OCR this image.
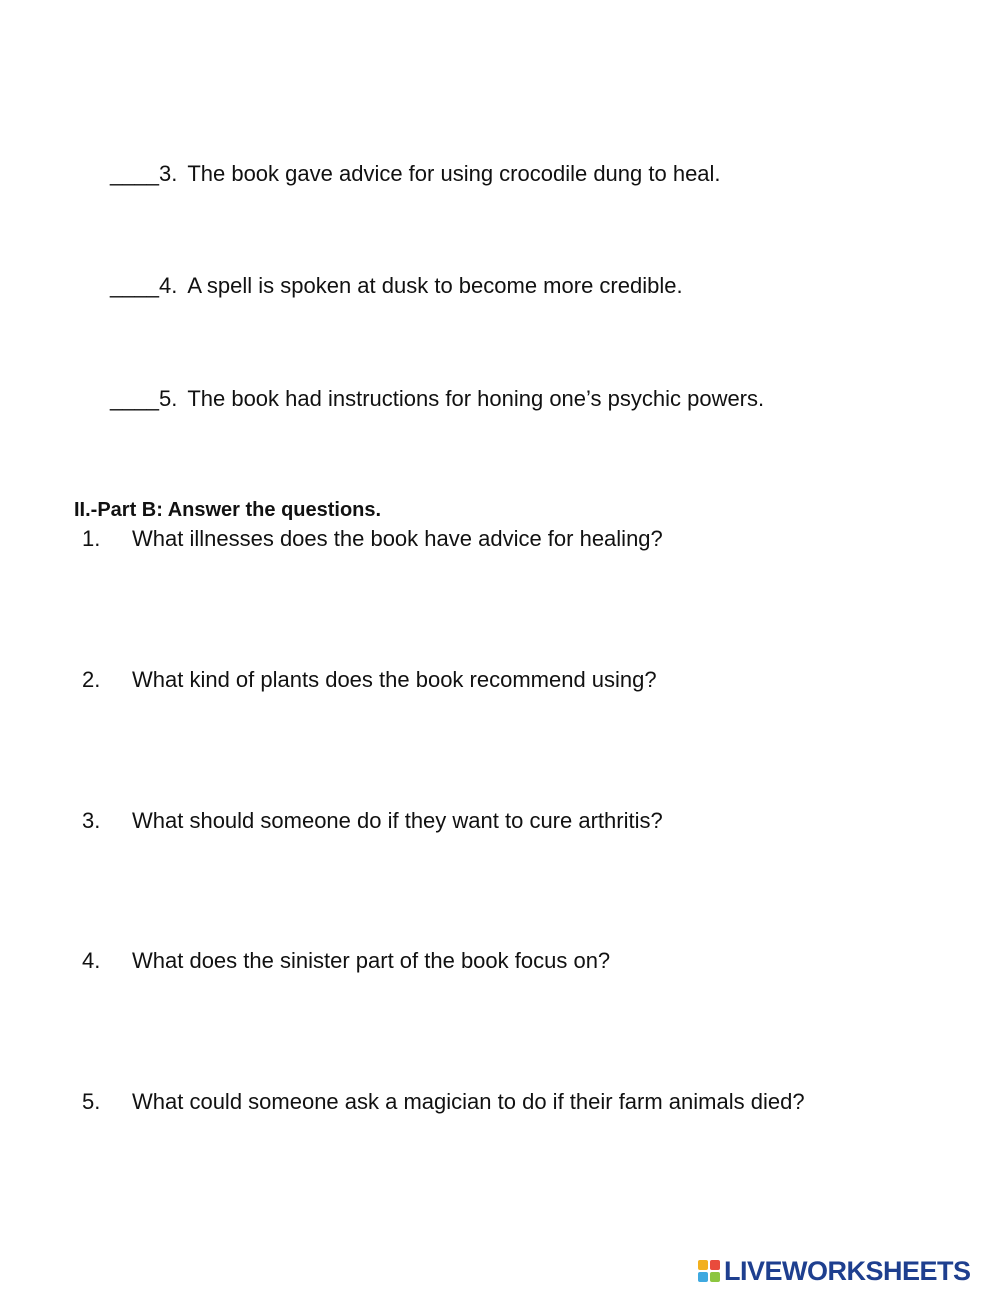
____3. The book gave advice for using crocodile dung to heal.
____4. A spell is spoken at dusk to become more credible.
____5. The book had instructions for honing one’s psychic powers.
II.-Part B: Answer the questions.
1. What illnesses does the book have advice for healing?
2. What kind of plants does the book recommend using?
3. What should someone do if they want to cure arthritis?
4. What does the sinister part of the book focus on?
5. What could someone ask a magician to do if their farm animals died?
LIVEWORKSHEETS
